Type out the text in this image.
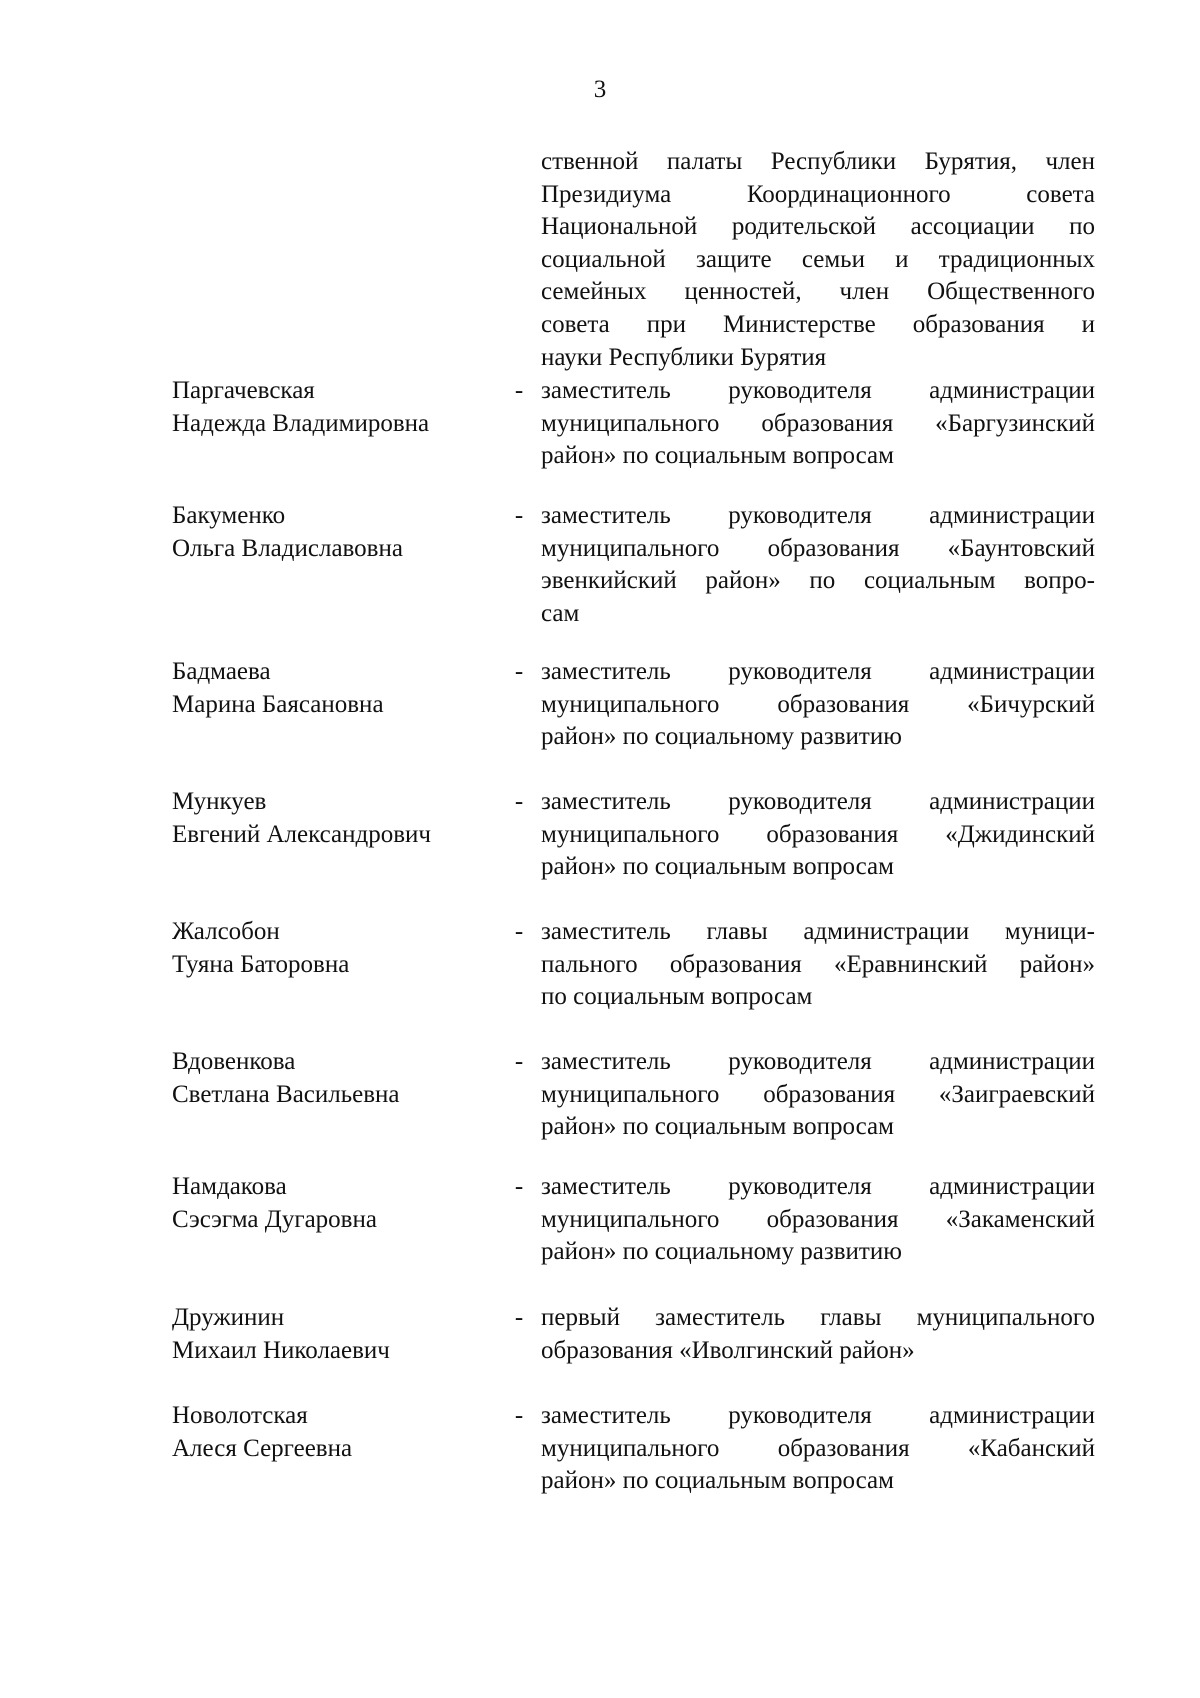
3
ственной палаты Республики Бурятия, член
Президиума Координационного совета
Национальной родительской ассоциации по
социальной защите семьи и традиционных
семейных ценностей, член Общественного
совета при Министерстве образования и
науки Республики Бурятия
Паргачевская
Надежда Владимировна
- заместитель руководителя администрации
муниципального образования «Баргузинский
район» по социальным вопросам
Бакуменко
Ольга Владиславовна
- заместитель руководителя администрации
муниципального образования «Баунтовский
эвенкийский район» по социальным вопро-
сам
Бадмаева
Марина Баясановна
- заместитель руководителя администрации
муниципального образования «Бичурский
район» по социальному развитию
Мункуев
Евгений Александрович
- заместитель руководителя администрации
муниципального образования «Джидинский
район» по социальным вопросам
Жалсобон
Туяна Баторовна
- заместитель главы администрации муници-
пального образования «Еравнинский район»
по социальным вопросам
Вдовенкова
Светлана Васильевна
- заместитель руководителя администрации
муниципального образования «Заиграевский
район» по социальным вопросам
Намдакова
Сэсэгма Дугаровна
- заместитель руководителя администрации
муниципального образования «Закаменский
район» по социальному развитию
Дружинин
Михаил Николаевич
- первый заместитель главы муниципального
образования «Иволгинский район»
Новолотская
Алеся Сергеевна
- заместитель руководителя администрации
муниципального образования «Кабанский
район» по социальным вопросам
